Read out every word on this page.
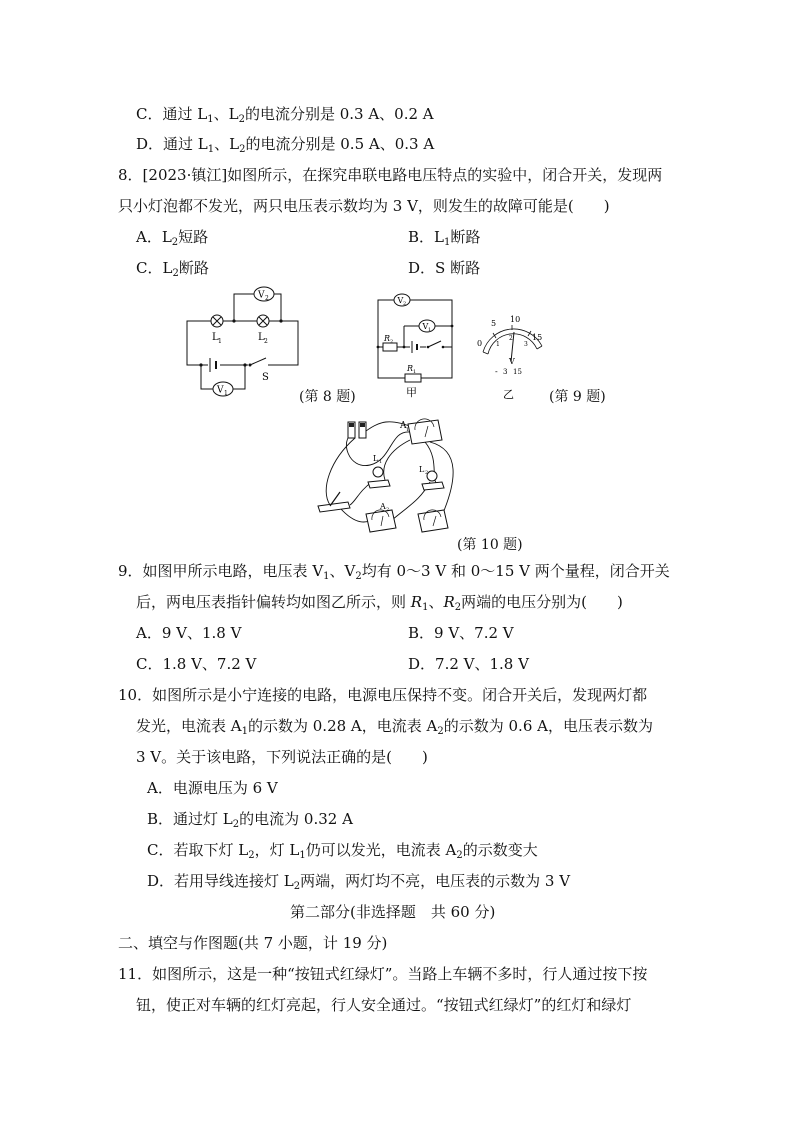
C．通过 $L_1$、$L_2$的电流分别是 0.3 A、0.2 A
D．通过 $L_1$、$L_2$的电流分别是 0.5 A、0.3 A
8．[2023·镇江]如图所示，在探究串联电路电压特点的实验中，闭合开关，发现两
只小灯泡都不发光，两只电压表示数均为 3 V，则发生的故障可能是(　　)
A．$L_2$短路	B．$L_1$断路
C．$L_2$断路	D．S 断路
V 2
L 1	L 2
S
V 1	(第 8 题)
V 2
V 1
R 2
R 1
甲
5 10
15
0 1
2
3
V
- 3 15
乙	(第 9 题)
A 1
L 1
L 2
A 2
(第 10 题)
9．如图甲所示电路，电压表 $V_1$、$V_2$均有 0～3 V 和 0～15 V 两个量程，闭合开关
后，两电压表指针偏转均如图乙所示，则 $R_1$、$R_2$两端的电压分别为(　　)
A．9 V、1.8 V	B．9 V、7.2 V
C．1.8 V、7.2 V	D．7.2 V、1.8 V
10．如图所示是小宁连接的电路，电源电压保持不变。闭合开关后，发现两灯都
发光，电流表 $A_1$的示数为 0.28 A，电流表 $A_2$的示数为 0.6 A，电压表示数为
3 V。关于该电路，下列说法正确的是(　　)
A．电源电压为 6 V
B．通过灯 $L_2$的电流为 0.32 A
C．若取下灯 $L_2$，灯 $L_1$仍可以发光，电流表 $A_2$的示数变大
D．若用导线连接灯 $L_2$两端，两灯均不亮，电压表的示数为 3 V
第二部分(非选择题　共 60 分)
二、填空与作图题(共 7 小题，计 19 分)
11．如图所示，这是一种“按钮式红绿灯”。当路上车辆不多时，行人通过按下按
钮，使正对车辆的红灯亮起，行人安全通过。“按钮式红绿灯”的红灯和绿灯
